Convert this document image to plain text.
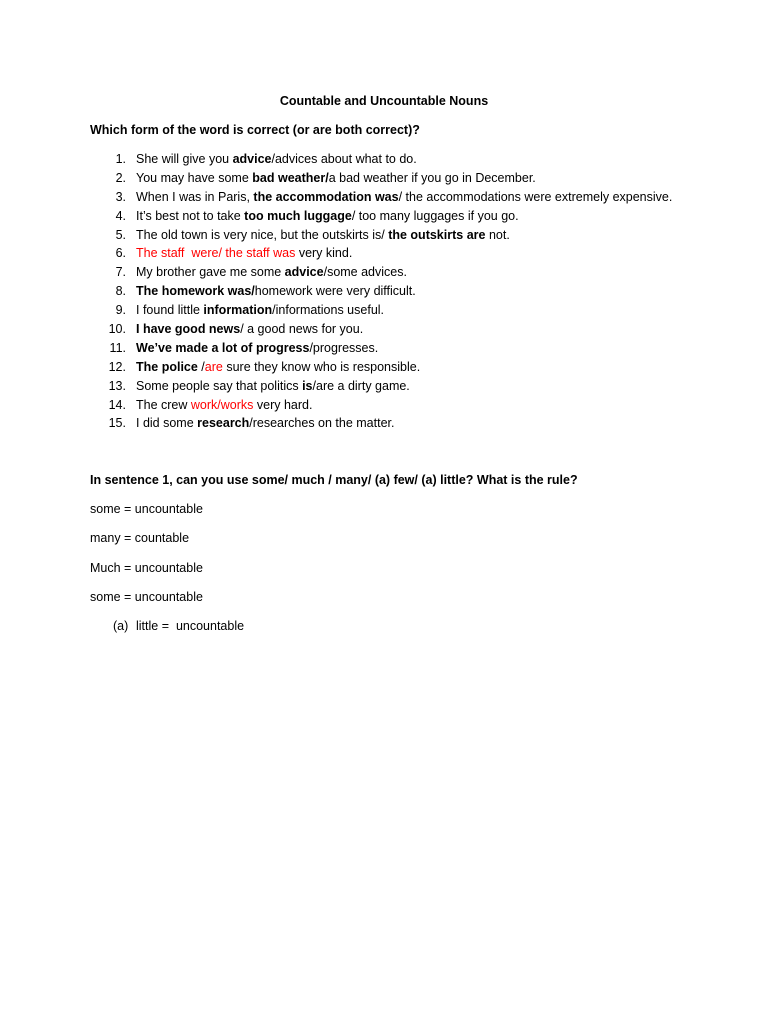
Countable and Uncountable Nouns

Which form of the word is correct (or are both correct)?

1. She will give you advice/advices about what to do.
2. You may have some bad weather/a bad weather if you go in December.
3. When I was in Paris, the accommodation was/ the accommodations were extremely expensive.
4. It’s best not to take too much luggage/ too many luggages if you go.
5. The old town is very nice, but the outskirts is/ the outskirts are not.
6. The staff  were/ the staff was very kind.
7. My brother gave me some advice/some advices.
8. The homework was/homework were very difficult.
9. I found little information/informations useful.
10. I have good news/ a good news for you.
11. We’ve made a lot of progress/progresses.
12. The police /are sure they know who is responsible.
13. Some people say that politics is/are a dirty game.
14. The crew work/works very hard.
15. I did some research/researches on the matter.

In sentence 1, can you use some/ much / many/ (a) few/ (a) little? What is the rule?

some = uncountable

many = countable

Much = uncountable

some = uncountable

(a) little =  uncountable
